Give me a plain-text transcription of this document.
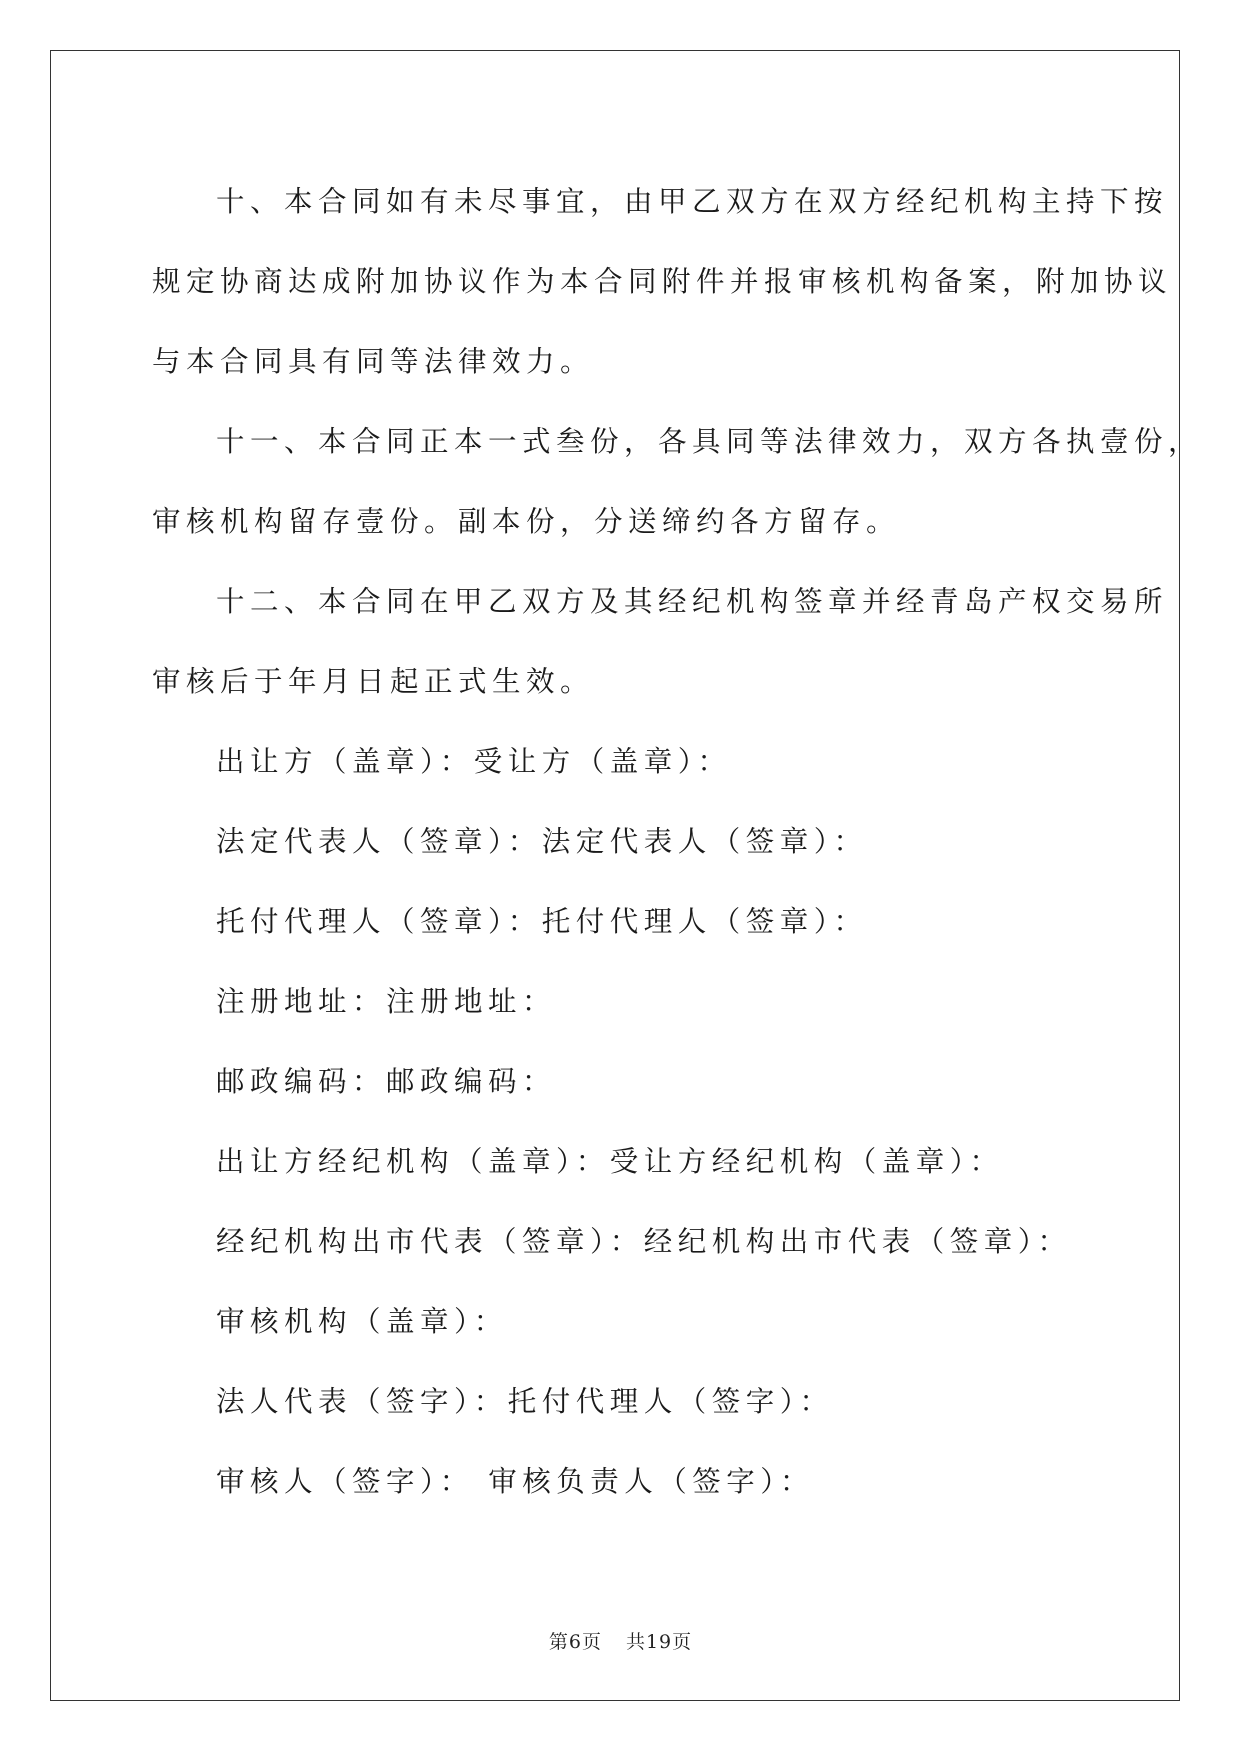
十、本合同如有未尽事宜，由甲乙双方在双方经纪机构主持下按
规定协商达成附加协议作为本合同附件并报审核机构备案，附加协议
与本合同具有同等法律效力。

十一、本合同正本一式叁份，各具同等法律效力，双方各执壹份，
审核机构留存壹份。副本份，分送缔约各方留存。

十二、本合同在甲乙双方及其经纪机构签章并经青岛产权交易所
审核后于年月日起正式生效。

出让方（盖章）：受让方（盖章）：

法定代表人（签章）：法定代表人（签章）：

托付代理人（签章）：托付代理人（签章）：

注册地址：注册地址：

邮政编码：邮政编码：

出让方经纪机构（盖章）：受让方经纪机构（盖章）：

经纪机构出市代表（签章）：经纪机构出市代表（签章）：

审核机构（盖章）：

法人代表（签字）：托付代理人（签字）：

审核人（签字）： 审核负责人（签字）：

第6页 共19页
